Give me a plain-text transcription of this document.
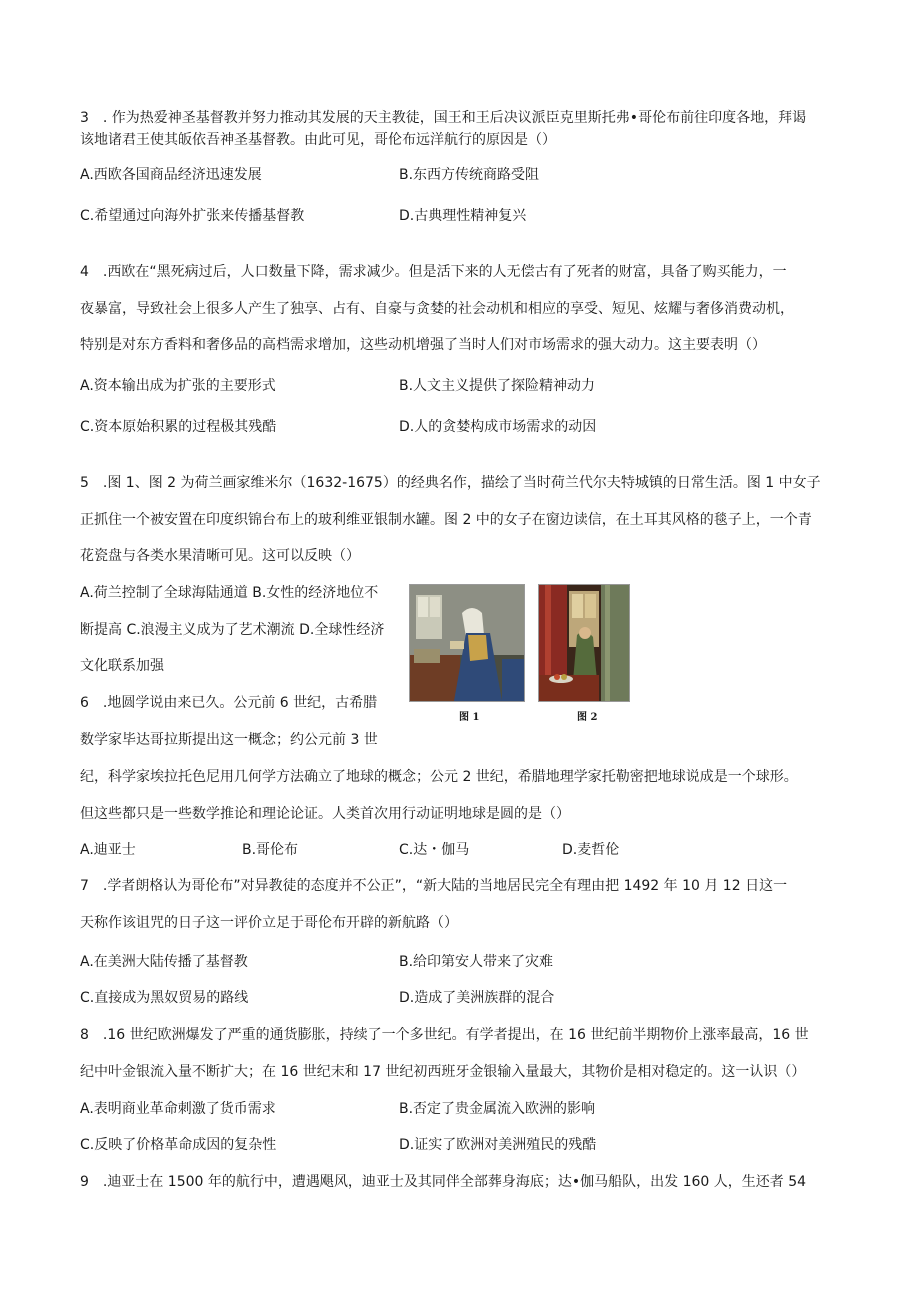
3　. 作为热爱神圣基督教并努力推动其发展的天主教徒，国王和王后决议派臣克里斯托弗•哥伦布前往印度各地，拜谒
该地诸君王使其皈依吾神圣基督教。由此可见，哥伦布远洋航行的原因是（）
A.西欧各国商品经济迅速发展	B.东西方传统商路受阻
C.希望通过向海外扩张来传播基督教	D.古典理性精神复兴
4　.西欧在“黑死病过后，人口数量下降，需求减少。但是活下来的人无偿古有了死者的财富，具备了购买能力，一
夜暴富，导致社会上很多人产生了独享、占有、自豪与贪婪的社会动机和相应的享受、短见、炫耀与奢侈消费动机，
特别是对东方香料和奢侈品的高档需求增加，这些动机增强了当时人们对市场需求的强大动力。这主要表明（）
A.资本输出成为扩张的主要形式	B.人文主义提供了探险精神动力
C.资本原始积累的过程极其残酷	D.人的贪婪构成市场需求的动因
5　.图 1、图 2 为荷兰画家维米尔（1632-1675）的经典名作，描绘了当时荷兰代尔夫特城镇的日常生活。图 1 中女子
正抓住一个被安置在印度织锦台布上的玻利维亚银制水罐。图 2 中的女子在窗边读信，在土耳其风格的毯子上，一个青
花瓷盘与各类水果清晰可见。这可以反映（）
A.荷兰控制了全球海陆通道 B.女性的经济地位不
断提高 C.浪漫主义成为了艺术潮流 D.全球性经济
文化联系加强
图 1	图 2
6　.地圆学说由来已久。公元前 6 世纪，古希腊
数学家毕达哥拉斯提出这一概念；约公元前 3 世
纪，科学家埃拉托色尼用几何学方法确立了地球的概念；公元 2 世纪，希腊地理学家托勒密把地球说成是一个球形。
但这些都只是一些数学推论和理论论证。人类首次用行动证明地球是圆的是（）
A.迪亚士	B.哥伦布	C.达・伽马	D.麦哲伦
7　.学者朗格认为哥伦布”对异教徒的态度并不公正”，“新大陆的当地居民完全有理由把 1492 年 10 月 12 日这一
天称作该诅咒的日子这一评价立足于哥伦布开辟的新航路（）
A.在美洲大陆传播了基督教	B.给印第安人带来了灾难
C.直接成为黑奴贸易的路线	D.造成了美洲族群的混合
8　.16 世纪欧洲爆发了严重的通货膨胀，持续了一个多世纪。有学者提出，在 16 世纪前半期物价上涨率最高，16 世
纪中叶金银流入量不断扩大；在 16 世纪末和 17 世纪初西班牙金银输入量最大，其物价是相对稳定的。这一认识（）
A.表明商业革命刺激了货币需求	B.否定了贵金属流入欧洲的影响
C.反映了价格革命成因的复杂性	D.证实了欧洲对美洲殖民的残酷
9　.迪亚士在 1500 年的航行中，遭遇飓风，迪亚士及其同伴全部葬身海底；达•伽马船队，出发 160 人，生还者 54
